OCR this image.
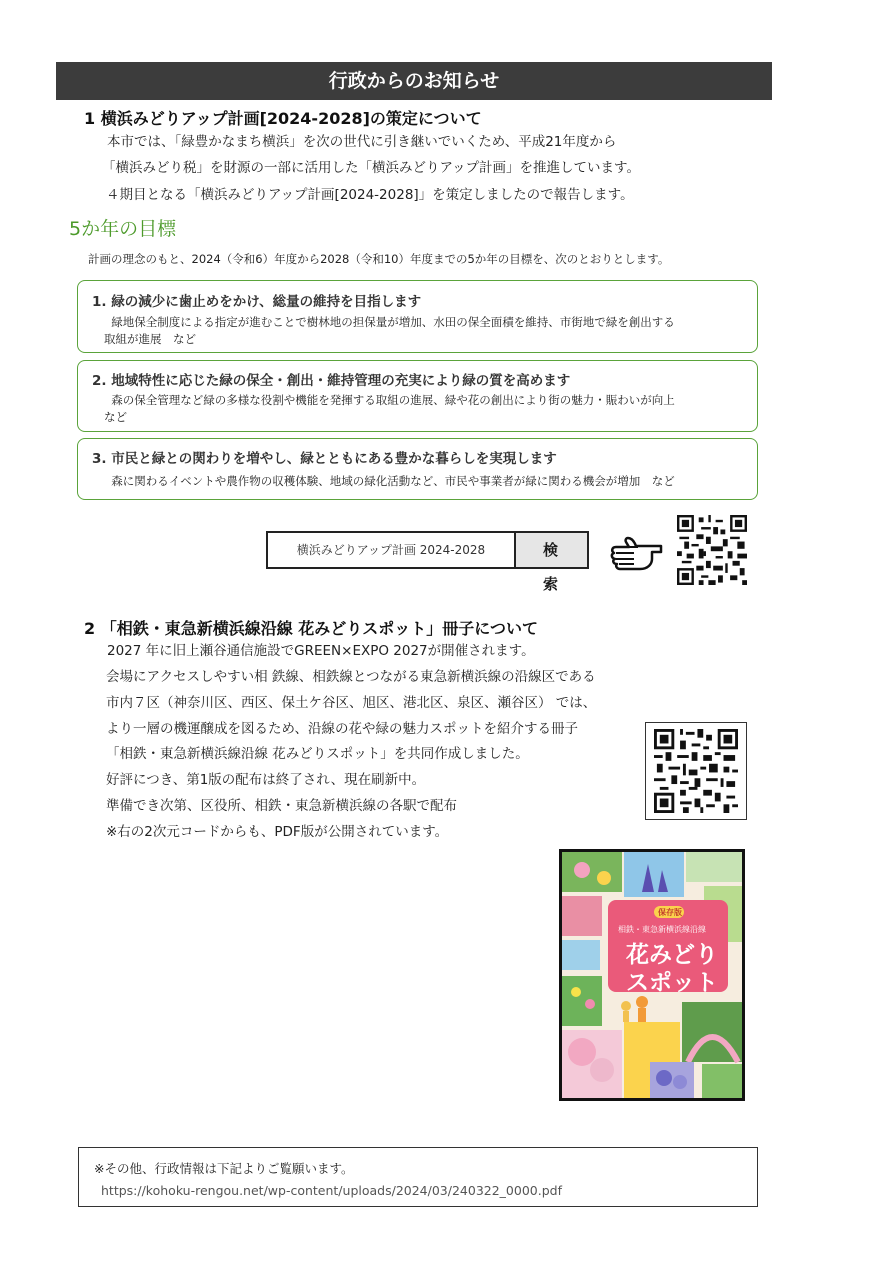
行政からのお知らせ
1 横浜みどりアップ計画[2024-2028]の策定について
本市では、「緑豊かなまち横浜」を次の世代に引き継いでいくため、平成21年度から
「横浜みどり税」を財源の一部に活用した「横浜みどりアップ計画」を推進しています。
４期目となる「横浜みどりアップ計画[2024-2028]」を策定しましたので報告します。
5か年の目標
計画の理念のもと、2024（令和6）年度から2028（令和10）年度までの5か年の目標を、次のとおりとします。
1. 緑の減少に歯止めをかけ、総量の維持を目指します
緑地保全制度による指定が進むことで樹林地の担保量が増加、水田の保全面積を維持、市街地で緑を創出する
取組が進展　など
2. 地域特性に応じた緑の保全・創出・維持管理の充実により緑の質を高めます
森の保全管理など緑の多様な役割や機能を発揮する取組の進展、緑や花の創出により街の魅力・賑わいが向上
など
3. 市民と緑との関わりを増やし、緑とともにある豊かな暮らしを実現します
森に関わるイベントや農作物の収穫体験、地域の緑化活動など、市民や事業者が緑に関わる機会が増加　など
横浜みどりアップ計画 2024-2028	検 索
2 「相鉄・東急新横浜線沿線 花みどりスポット」冊子について
2027 年に旧上瀬谷通信施設でGREEN×EXPO 2027が開催されます。
会場にアクセスしやすい相 鉄線、相鉄線とつながる東急新横浜線の沿線区である
市内７区（神奈川区、西区、保土ケ谷区、旭区、港北区、泉区、瀬谷区） では、
より一層の機運醸成を図るため、沿線の花や緑の魅力スポットを紹介する冊子
「相鉄・東急新横浜線沿線 花みどりスポット」を共同作成しました。
好評につき、第1版の配布は終了され、現在刷新中。
準備でき次第、区役所、相鉄・東急新横浜線の各駅で配布
※右の2次元コードからも、PDF版が公開されています。
保存版
相鉄・東急新横浜線沿線
花みどり
スポット
※その他、行政情報は下記よりご覧願います。
https://kohoku-rengou.net/wp-content/uploads/2024/03/240322_0000.pdf
